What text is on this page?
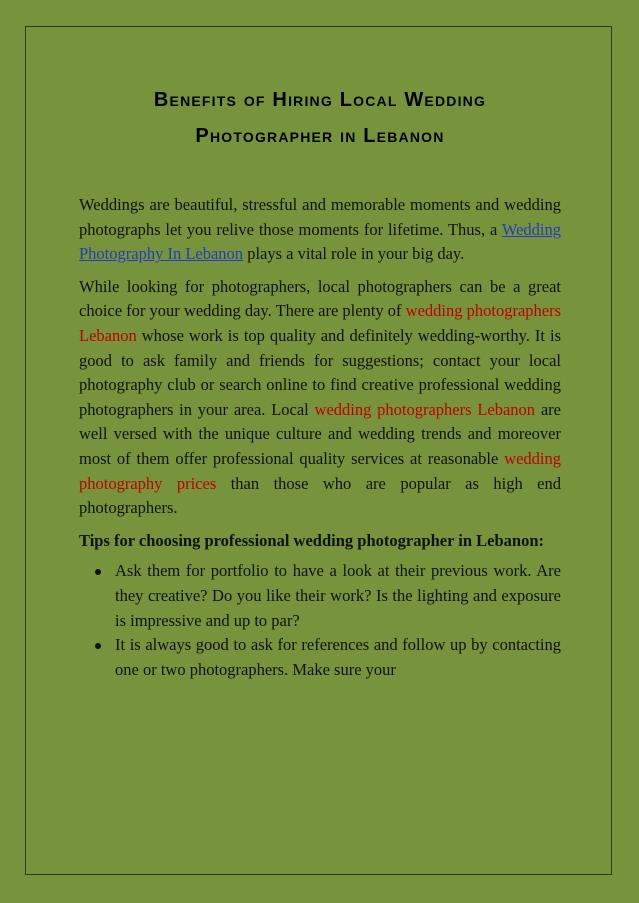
Benefits of Hiring Local Wedding
Photographer in Lebanon

Weddings are beautiful, stressful and memorable moments and wedding photographs let you relive those moments for lifetime. Thus, a Wedding Photography In Lebanon plays a vital role in your big day.

While looking for photographers, local photographers can be a great choice for your wedding day. There are plenty of wedding photographers Lebanon whose work is top quality and definitely wedding-worthy. It is good to ask family and friends for suggestions; contact your local photography club or search online to find creative professional wedding photographers in your area. Local wedding photographers Lebanon are well versed with the unique culture and wedding trends and moreover most of them offer professional quality services at reasonable wedding photography prices than those who are popular as high end photographers.

Tips for choosing professional wedding photographer in Lebanon:

Ask them for portfolio to have a look at their previous work. Are they creative? Do you like their work? Is the lighting and exposure is impressive and up to par?
It is always good to ask for references and follow up by contacting one or two photographers. Make sure your
